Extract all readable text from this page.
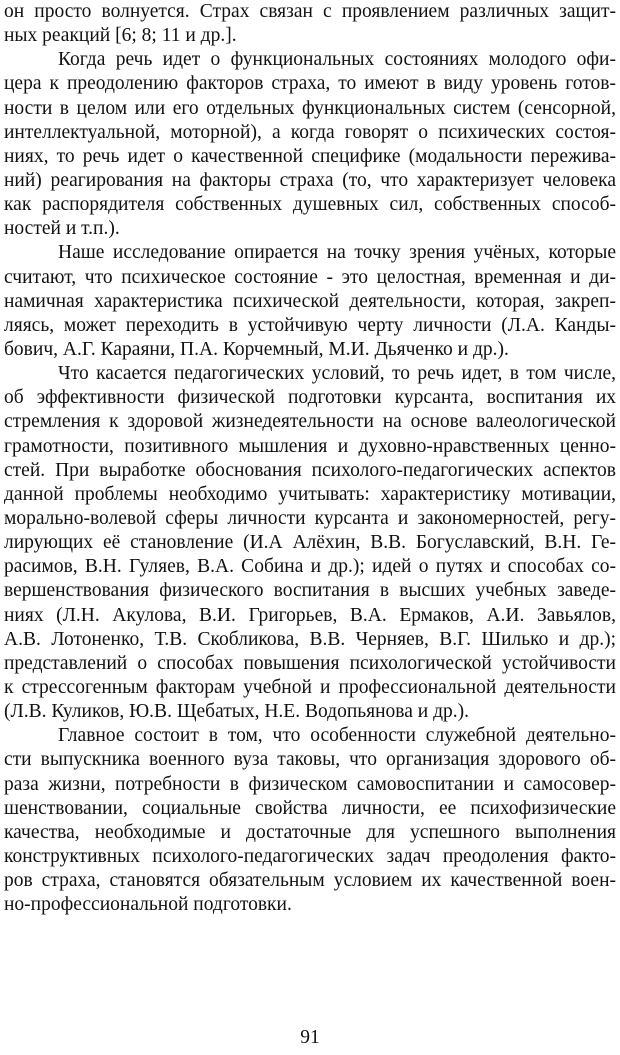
он просто волнуется. Страх связан с проявлением различных защит-
ных реакций [6; 8; 11 и др.].
Когда речь идет о функциональных состояниях молодого офи-
цера к преодолению факторов страха, то имеют в виду уровень готов-
ности в целом или его отдельных функциональных систем (сенсорной,
интеллектуальной, моторной), а когда говорят о психических состоя-
ниях, то речь идет о качественной специфике (модальности пережива-
ний) реагирования на факторы страха (то, что характеризует человека
как распорядителя собственных душевных сил, собственных способ-
ностей и т.п.).
Наше исследование опирается на точку зрения учёных, которые
считают, что психическое состояние - это целостная, временная и ди-
намичная характеристика психической деятельности, которая, закреп-
ляясь, может переходить в устойчивую черту личности (Л.А. Канды-
бович, А.Г. Караяни, П.А. Корчемный, М.И. Дьяченко и др.).
Что касается педагогических условий, то речь идет, в том числе,
об эффективности физической подготовки курсанта, воспитания их
стремления к здоровой жизнедеятельности на основе валеологической
грамотности, позитивного мышления и духовно-нравственных ценно-
стей. При выработке обоснования психолого-педагогических аспектов
данной проблемы необходимо учитывать: характеристику мотивации,
морально-волевой сферы личности курсанта и закономерностей, регу-
лирующих её становление (И.А Алёхин, В.В. Богуславский, В.Н. Ге-
расимов, В.Н. Гуляев, В.А. Собина и др.); идей о путях и способах со-
вершенствования физического воспитания в высших учебных заведе-
ниях (Л.Н. Акулова, В.И. Григорьев, В.А. Ермаков, А.И. Завьялов,
А.В. Лотоненко, Т.В. Скобликова, В.В. Черняев, В.Г. Шилько и др.);
представлений о способах повышения психологической устойчивости
к стрессогенным факторам учебной и профессиональной деятельности
(Л.В. Куликов, Ю.В. Щебатых, Н.Е. Водопьянова и др.).
Главное состоит в том, что особенности служебной деятельно-
сти выпускника военного вуза таковы, что организация здорового об-
раза жизни, потребности в физическом самовоспитании и самосовер-
шенствовании, социальные свойства личности, ее психофизические
качества, необходимые и достаточные для успешного выполнения
конструктивных психолого-педагогических задач преодоления факто-
ров страха, становятся обязательным условием их качественной воен-
но-профессиональной подготовки.
91
